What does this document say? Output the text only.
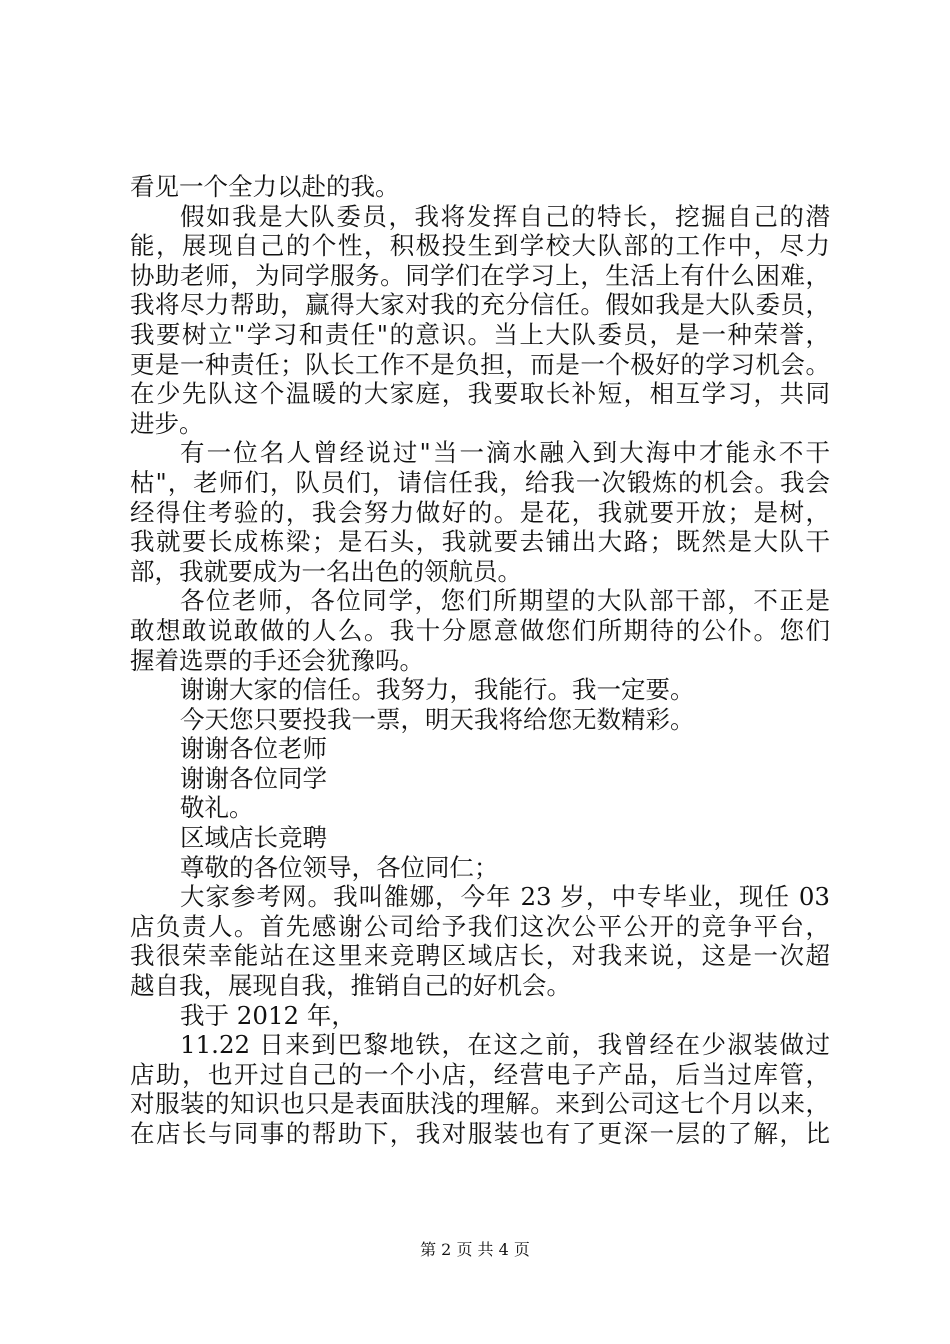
看见一个全力以赴的我。
假如我是大队委员，我将发挥自己的特长，挖掘自己的潜
能，展现自己的个性，积极投生到学校大队部的工作中，尽力
协助老师，为同学服务。同学们在学习上，生活上有什么困难，
我将尽力帮助，赢得大家对我的充分信任。假如我是大队委员，
我要树立"学习和责任"的意识。当上大队委员，是一种荣誉，
更是一种责任；队长工作不是负担，而是一个极好的学习机会。
在少先队这个温暖的大家庭，我要取长补短，相互学习，共同
进步。
有一位名人曾经说过"当一滴水融入到大海中才能永不干
枯"，老师们，队员们，请信任我，给我一次锻炼的机会。我会
经得住考验的，我会努力做好的。是花，我就要开放；是树，
我就要长成栋梁；是石头，我就要去铺出大路；既然是大队干
部，我就要成为一名出色的领航员。
各位老师，各位同学，您们所期望的大队部干部，不正是
敢想敢说敢做的人么。我十分愿意做您们所期待的公仆。您们
握着选票的手还会犹豫吗。
谢谢大家的信任。我努力，我能行。我一定要。
今天您只要投我一票，明天我将给您无数精彩。
谢谢各位老师
谢谢各位同学
敬礼。
区域店长竞聘
尊敬的各位领导，各位同仁；
大家参考网。我叫雒娜，今年 23 岁，中专毕业，现任 03
店负责人。首先感谢公司给予我们这次公平公开的竞争平台，
我很荣幸能站在这里来竞聘区域店长，对我来说，这是一次超
越自我，展现自我，推销自己的好机会。
我于 2012 年，
11.22 日来到巴黎地铁，在这之前，我曾经在少淑装做过
店助，也开过自己的一个小店，经营电子产品，后当过库管，
对服装的知识也只是表面肤浅的理解。来到公司这七个月以来，
在店长与同事的帮助下，我对服装也有了更深一层的了解，比
第 2 页 共 4 页
